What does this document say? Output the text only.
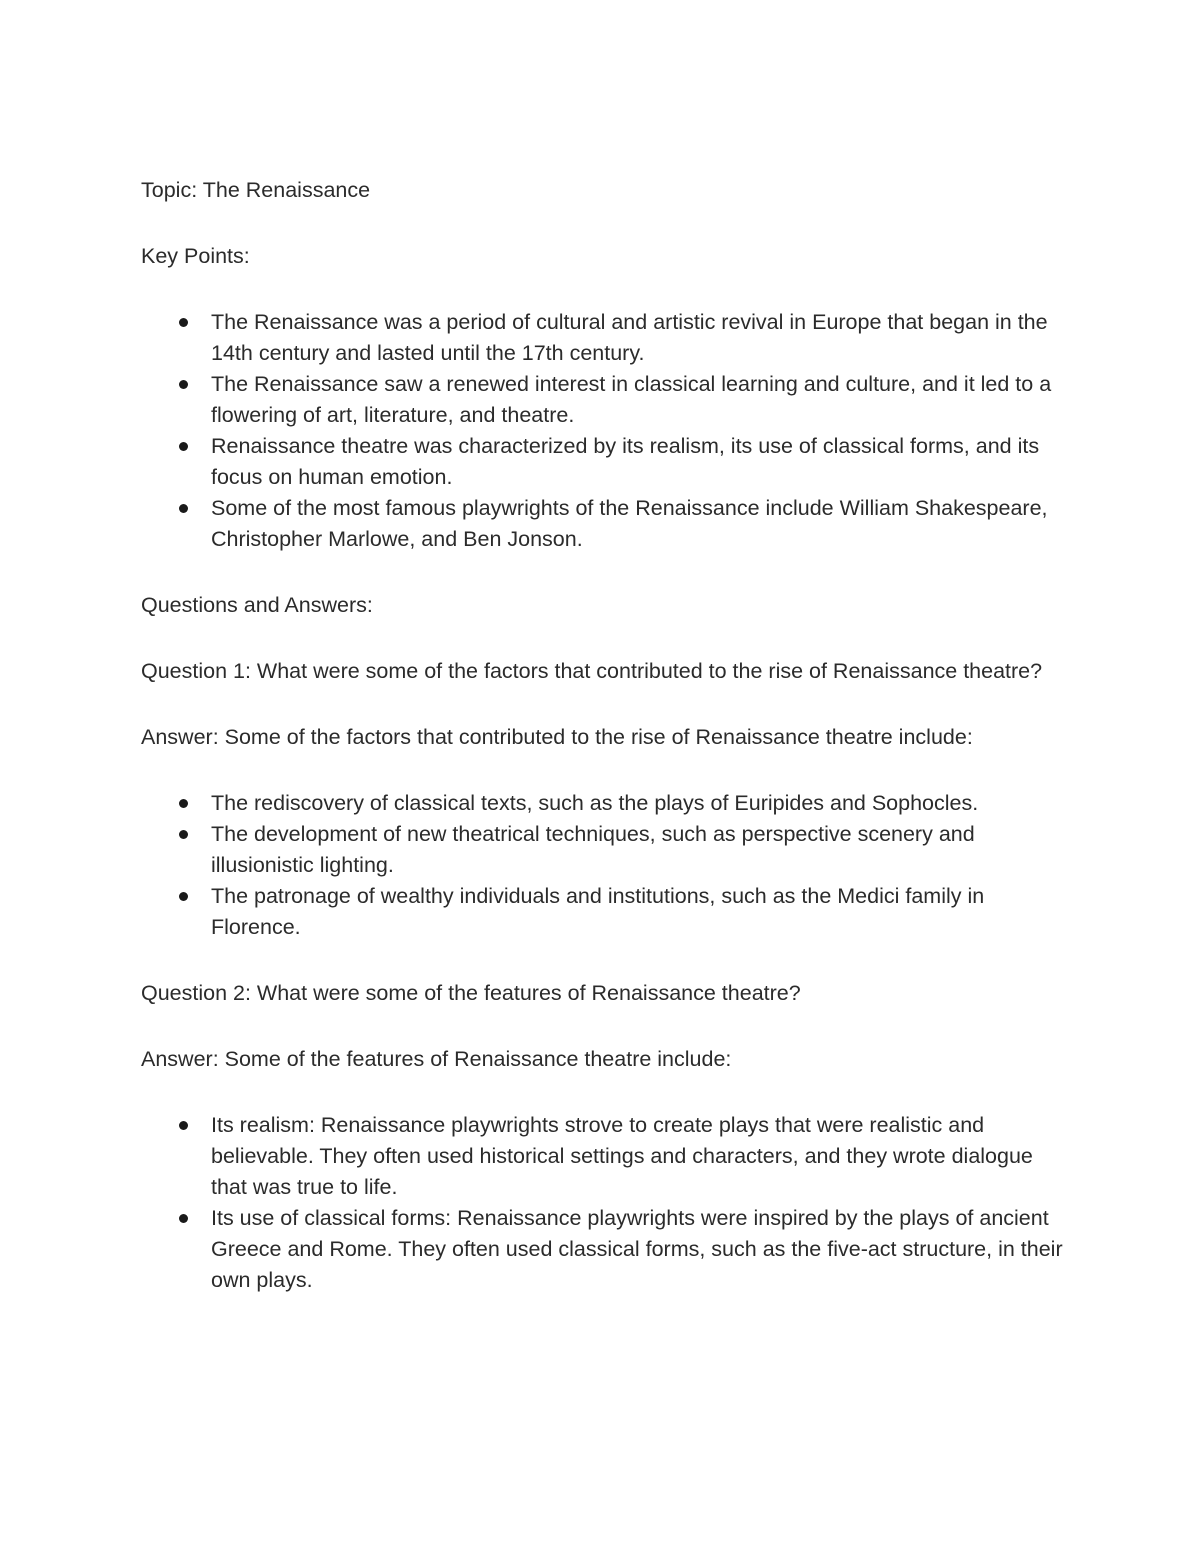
Topic: The Renaissance

Key Points:

The Renaissance was a period of cultural and artistic revival in Europe that began in the 14th century and lasted until the 17th century.
The Renaissance saw a renewed interest in classical learning and culture, and it led to a flowering of art, literature, and theatre.
Renaissance theatre was characterized by its realism, its use of classical forms, and its focus on human emotion.
Some of the most famous playwrights of the Renaissance include William Shakespeare, Christopher Marlowe, and Ben Jonson.

Questions and Answers:

Question 1: What were some of the factors that contributed to the rise of Renaissance theatre?

Answer: Some of the factors that contributed to the rise of Renaissance theatre include:

The rediscovery of classical texts, such as the plays of Euripides and Sophocles.
The development of new theatrical techniques, such as perspective scenery and illusionistic lighting.
The patronage of wealthy individuals and institutions, such as the Medici family in Florence.

Question 2: What were some of the features of Renaissance theatre?

Answer: Some of the features of Renaissance theatre include:

Its realism: Renaissance playwrights strove to create plays that were realistic and believable. They often used historical settings and characters, and they wrote dialogue that was true to life.
Its use of classical forms: Renaissance playwrights were inspired by the plays of ancient Greece and Rome. They often used classical forms, such as the five-act structure, in their own plays.
